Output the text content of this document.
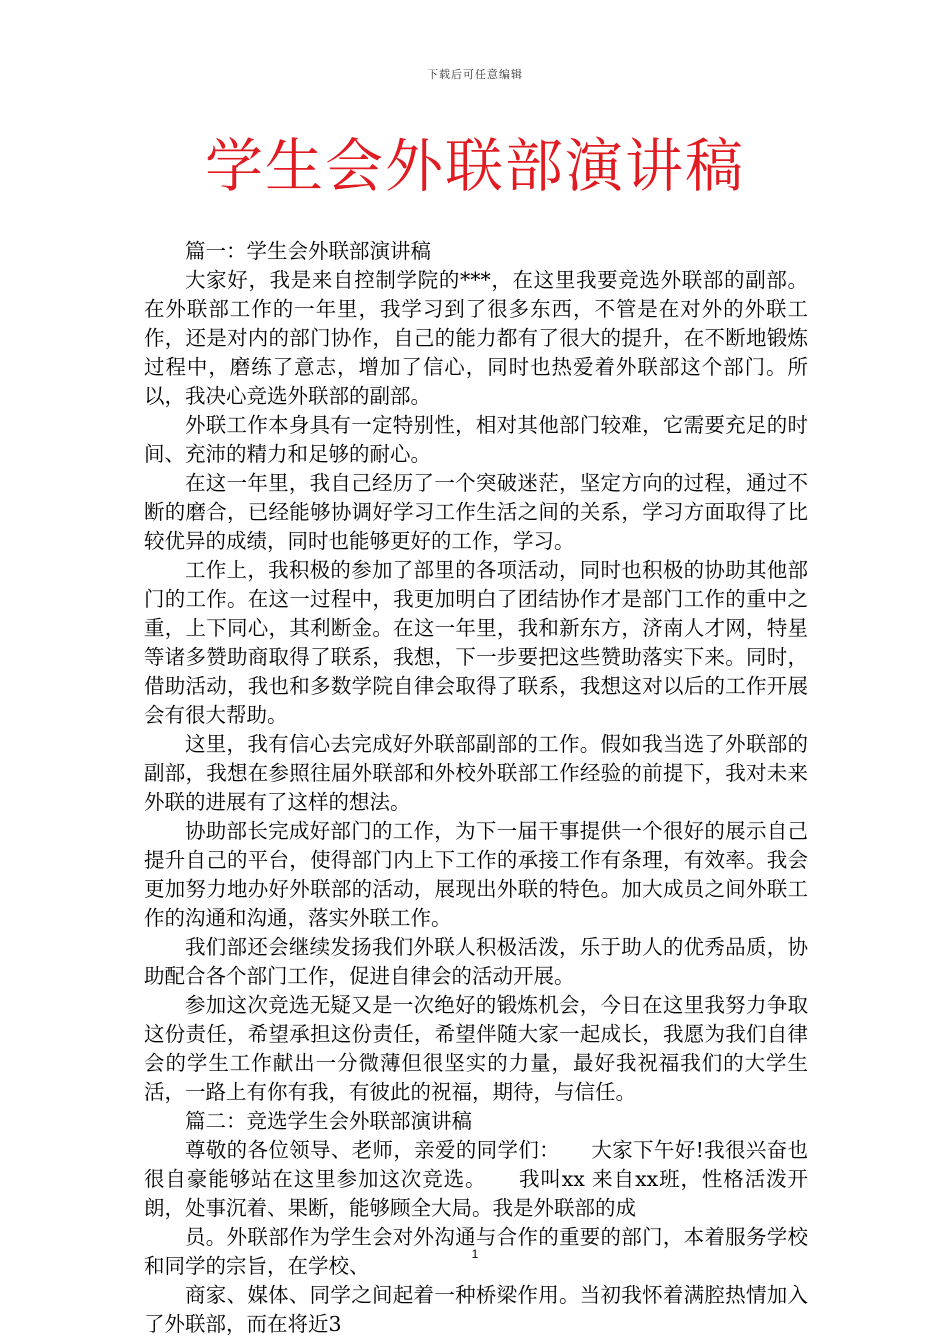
下载后可任意编辑
学生会外联部演讲稿

篇一：学生会外联部演讲稿

大家好，我是来自控制学院的***，在这里我要竞选外联部的副部。在外联部工作的一年里，我学习到了很多东西，不管是在对外的外联工作，还是对内的部门协作，自己的能力都有了很大的提升，在不断地锻炼过程中，磨练了意志，增加了信心，同时也热爱着外联部这个部门。所以，我决心竞选外联部的副部。

外联工作本身具有一定特别性，相对其他部门较难，它需要充足的时间、充沛的精力和足够的耐心。

在这一年里，我自己经历了一个突破迷茫，坚定方向的过程，通过不断的磨合，已经能够协调好学习工作生活之间的关系，学习方面取得了比较优异的成绩，同时也能够更好的工作，学习。

工作上，我积极的参加了部里的各项活动，同时也积极的协助其他部门的工作。在这一过程中，我更加明白了团结协作才是部门工作的重中之重，上下同心，其利断金。在这一年里，我和新东方，济南人才网，特星等诸多赞助商取得了联系，我想，下一步要把这些赞助落实下来。同时，借助活动，我也和多数学院自律会取得了联系，我想这对以后的工作开展会有很大帮助。

这里，我有信心去完成好外联部副部的工作。假如我当选了外联部的副部，我想在参照往届外联部和外校外联部工作经验的前提下，我对未来外联的进展有了这样的想法。

协助部长完成好部门的工作，为下一届干事提供一个很好的展示自己提升自己的平台，使得部门内上下工作的承接工作有条理，有效率。我会更加努力地办好外联部的活动，展现出外联的特色。加大成员之间外联工作的沟通和沟通，落实外联工作。

我们部还会继续发扬我们外联人积极活泼，乐于助人的优秀品质，协助配合各个部门工作，促进自律会的活动开展。

参加这次竞选无疑又是一次绝好的锻炼机会，今日在这里我努力争取这份责任，希望承担这份责任，希望伴随大家一起成长，我愿为我们自律会的学生工作献出一分微薄但很坚实的力量，最好我祝福我们的大学生活，一路上有你有我，有彼此的祝福，期待，与信任。

篇二：竞选学生会外联部演讲稿

尊敬的各位领导、老师，亲爱的同学们：　　大家下午好!我很兴奋也很自豪能够站在这里参加这次竞选。　　我叫xx 来自xx班，性格活泼开朗，处事沉着、果断，能够顾全大局。我是外联部的成

员。外联部作为学生会对外沟通与合作的重要的部门，本着服务学校和同学的宗旨，在学校、

商家、媒体、同学之间起着一种桥梁作用。当初我怀着满腔热情加入了外联部，而在将近3

1
